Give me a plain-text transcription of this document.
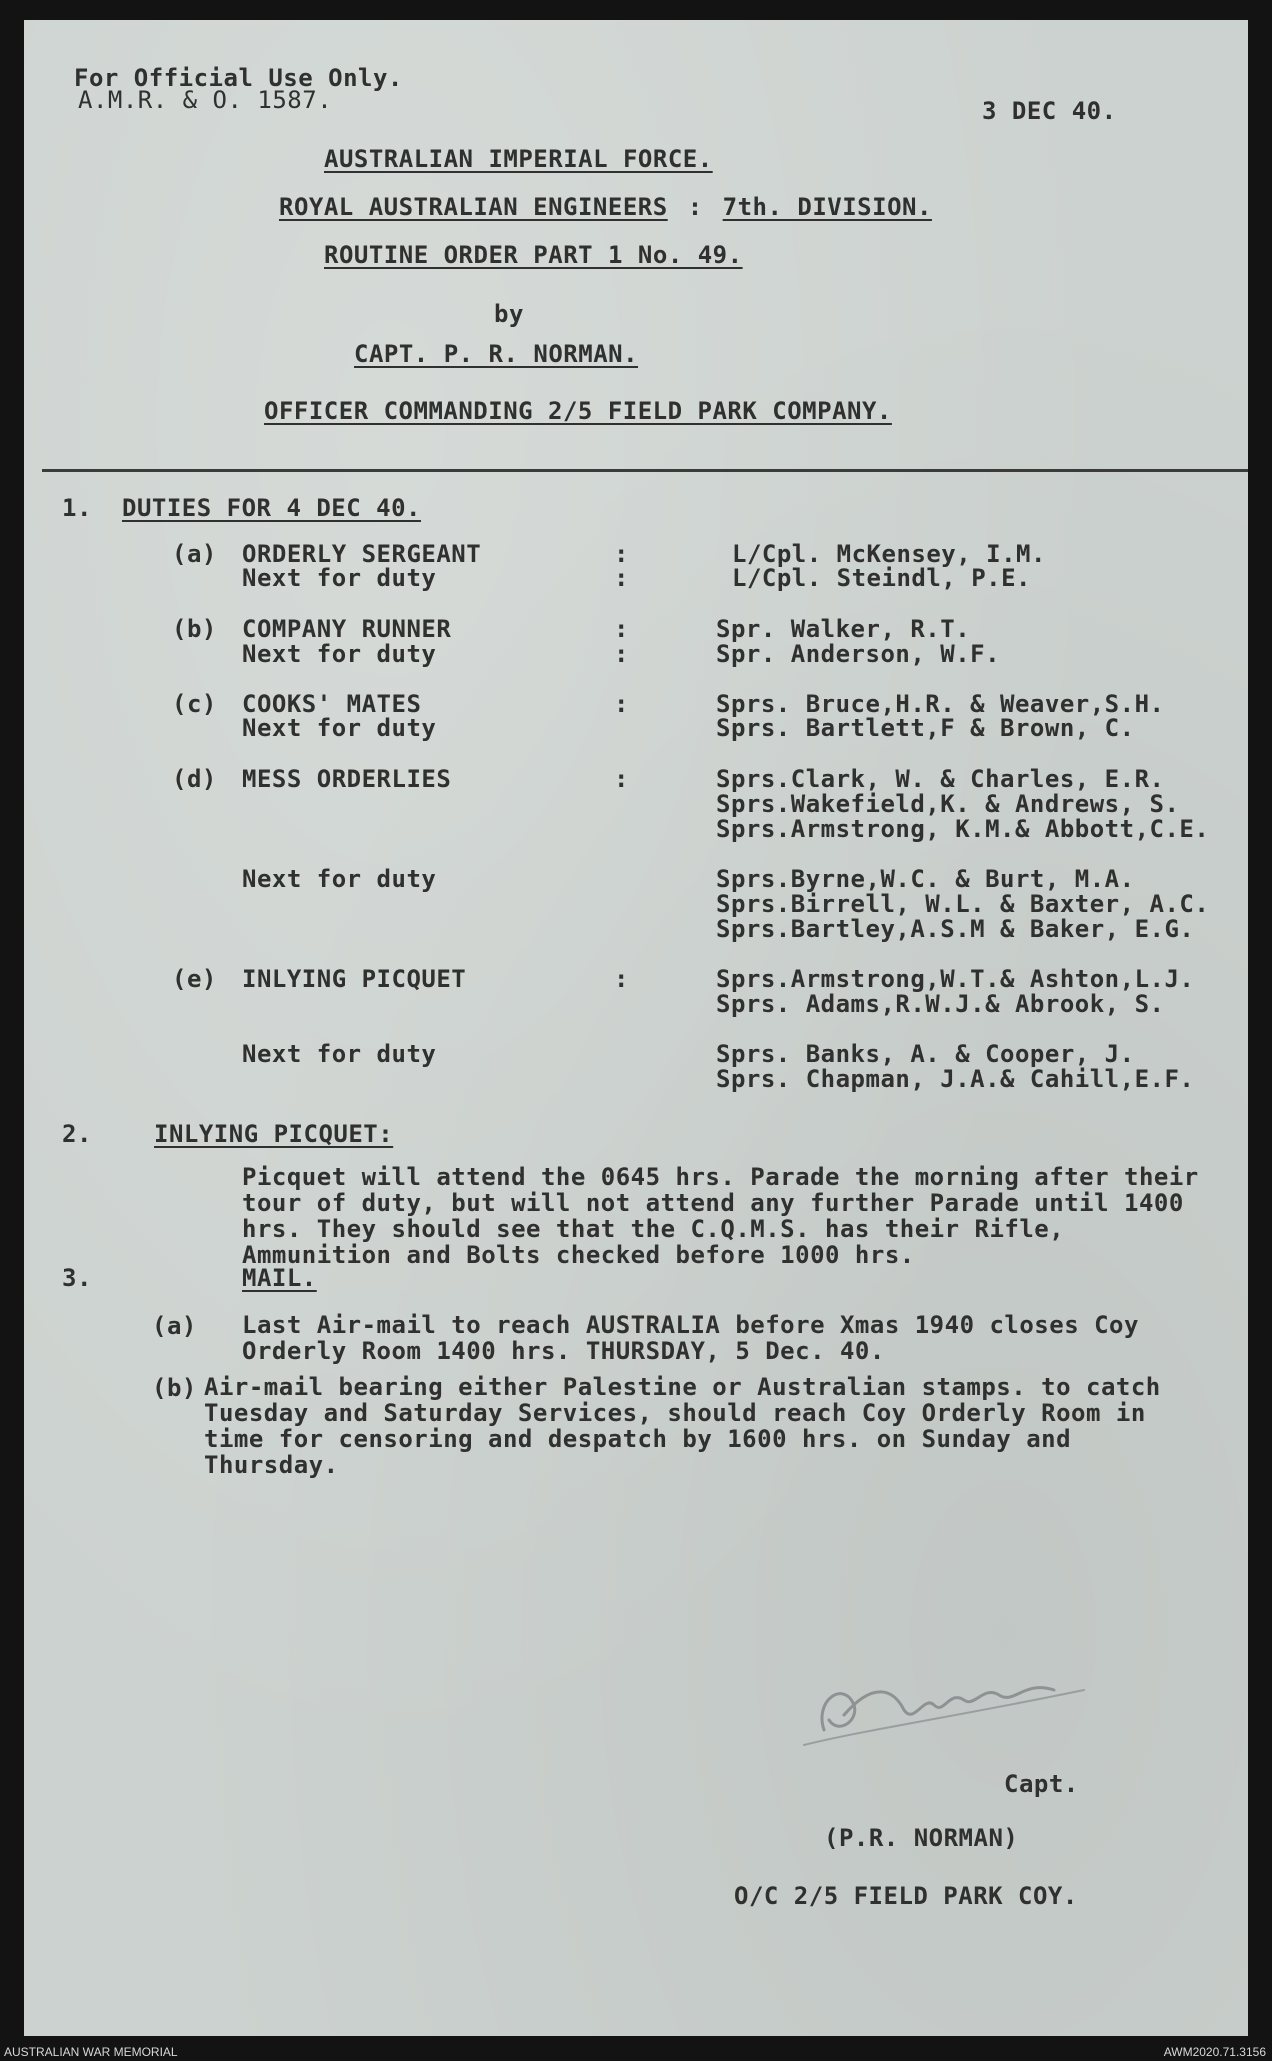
For Official Use Only.
A.M.R. & O. 1587.	3 DEC 40.
AUSTRALIAN IMPERIAL FORCE.
ROYAL AUSTRALIAN ENGINEERS : 7th. DIVISION.
ROUTINE ORDER PART 1 No. 49.
by
CAPT. P. R. NORMAN.
OFFICER COMMANDING 2/5 FIELD PARK COMPANY.
1. DUTIES FOR 4 DEC 40.
(a) ORDERLY SERGEANT	:	L/Cpl. McKensey, I.M.
Next for duty	:	L/Cpl. Steindl, P.E.
(b) COMPANY RUNNER	:	Spr. Walker, R.T.
Next for duty	:	Spr. Anderson, W.F.
(c) COOKS' MATES	:	Sprs. Bruce,H.R. & Weaver,S.H.
Next for duty	Sprs. Bartlett,F & Brown, C.
(d) MESS ORDERLIES	:	Sprs.Clark, W. & Charles, E.R.
Sprs.Wakefield,K. & Andrews, S.
Sprs.Armstrong, K.M.& Abbott,C.E.
Next for duty	Sprs.Byrne,W.C. & Burt, M.A.
Sprs.Birrell, W.L. & Baxter, A.C.
Sprs.Bartley,A.S.M & Baker, E.G.
(e) INLYING PICQUET	:	Sprs.Armstrong,W.T.& Ashton,L.J.
Sprs. Adams,R.W.J.& Abrook, S.
Next for duty	Sprs. Banks, A. & Cooper, J.
Sprs. Chapman, J.A.& Cahill,E.F.
2.	INLYING PICQUET:
Picquet will attend the 0645 hrs. Parade the morning after their tour of duty, but will not attend any further Parade until 1400 hrs. They should see that the C.Q.M.S. has their Rifle, Ammunition and Bolts checked before 1000 hrs.
3.	MAIL.
(a) Last Air-mail to reach AUSTRALIA before Xmas 1940 closes Coy Orderly Room 1400 hrs. THURSDAY, 5 Dec. 40.
(b) Air-mail bearing either Palestine or Australian stamps. to catch Tuesday and Saturday Services, should reach Coy Orderly Room in time for censoring and despatch by 1600 hrs. on Sunday and Thursday.
Capt.
(P.R. NORMAN)
O/C 2/5 FIELD PARK COY.
AUSTRALIAN WAR MEMORIAL	AWM2020.71.3156
